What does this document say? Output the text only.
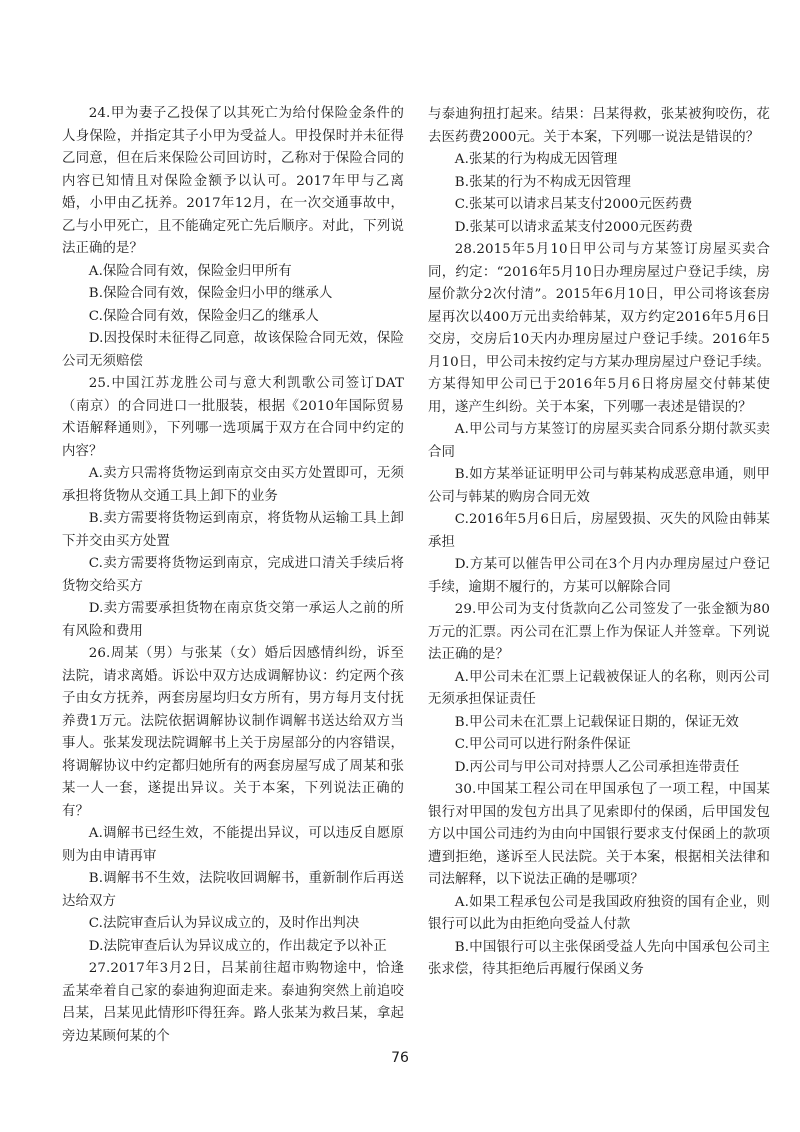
24.甲为妻子乙投保了以其死亡为给付保险金条件的人身保险，并指定其子小甲为受益人。甲投保时并未征得乙同意，但在后来保险公司回访时，乙称对于保险合同的内容已知情且对保险金额予以认可。2017年甲与乙离婚，小甲由乙抚养。2017年12月，在一次交通事故中，乙与小甲死亡，且不能确定死亡先后顺序。对此，下列说法正确的是？

A.保险合同有效，保险金归甲所有

B.保险合同有效，保险金归小甲的继承人

C.保险合同有效，保险金归乙的继承人

D.因投保时未征得乙同意，故该保险合同无效，保险公司无须赔偿

25.中国江苏龙胜公司与意大利凯歌公司签订DAT（南京）的合同进口一批服装，根据《2010年国际贸易术语解释通则》，下列哪一选项属于双方在合同中约定的内容？

A.卖方只需将货物运到南京交由买方处置即可，无须承担将货物从交通工具上卸下的业务

B.卖方需要将货物运到南京，将货物从运输工具上卸下并交由买方处置

C.卖方需要将货物运到南京，完成进口清关手续后将货物交给买方

D.卖方需要承担货物在南京货交第一承运人之前的所有风险和费用

26.周某（男）与张某（女）婚后因感情纠纷，诉至法院，请求离婚。诉讼中双方达成调解协议：约定两个孩子由女方抚养，两套房屋均归女方所有，男方每月支付抚养费1万元。法院依据调解协议制作调解书送达给双方当事人。张某发现法院调解书上关于房屋部分的内容错误，将调解协议中约定都归她所有的两套房屋写成了周某和张某一人一套，遂提出异议。关于本案，下列说法正确的有？

A.调解书已经生效，不能提出异议，可以违反自愿原则为由申请再审

B.调解书不生效，法院收回调解书，重新制作后再送达给双方

C.法院审查后认为异议成立的，及时作出判决

D.法院审查后认为异议成立的，作出裁定予以补正

27.2017年3月2日，吕某前往超市购物途中，恰逢孟某牵着自己家的泰迪狗迎面走来。泰迪狗突然上前追咬吕某，吕某见此情形吓得狂奔。路人张某为救吕某，拿起旁边某顾何某的个

与泰迪狗扭打起来。结果：吕某得救，张某被狗咬伤，花去医药费2000元。关于本案，下列哪一说法是错误的？

A.张某的行为构成无因管理

B.张某的行为不构成无因管理

C.张某可以请求吕某支付2000元医药费

D.张某可以请求孟某支付2000元医药费

28.2015年5月10日甲公司与方某签订房屋买卖合同，约定：“2016年5月10日办理房屋过户登记手续，房屋价款分2次付清”。2015年6月10日，甲公司将该套房屋再次以400万元出卖给韩某，双方约定2016年5月6日交房，交房后10天内办理房屋过户登记手续。2016年5月10日，甲公司未按约定与方某办理房屋过户登记手续。方某得知甲公司已于2016年5月6日将房屋交付韩某使用，遂产生纠纷。关于本案，下列哪一表述是错误的？

A.甲公司与方某签订的房屋买卖合同系分期付款买卖合同

B.如方某举证证明甲公司与韩某构成恶意串通，则甲公司与韩某的购房合同无效

C.2016年5月6日后，房屋毁损、灭失的风险由韩某承担

D.方某可以催告甲公司在3个月内办理房屋过户登记手续，逾期不履行的，方某可以解除合同

29.甲公司为支付货款向乙公司签发了一张金额为80万元的汇票。丙公司在汇票上作为保证人并签章。下列说法正确的是？

A.甲公司未在汇票上记载被保证人的名称，则丙公司无须承担保证责任

B.甲公司未在汇票上记载保证日期的，保证无效

C.甲公司可以进行附条件保证

D.丙公司与甲公司对持票人乙公司承担连带责任

30.中国某工程公司在甲国承包了一项工程，中国某银行对甲国的发包方出具了见索即付的保函，后甲国发包方以中国公司违约为由向中国银行要求支付保函上的款项遭到拒绝，遂诉至人民法院。关于本案，根据相关法律和司法解释，以下说法正确的是哪项？

A.如果工程承包公司是我国政府独资的国有企业，则银行可以此为由拒绝向受益人付款

B.中国银行可以主张保函受益人先向中国承包公司主张求偿，待其拒绝后再履行保函义务

76
